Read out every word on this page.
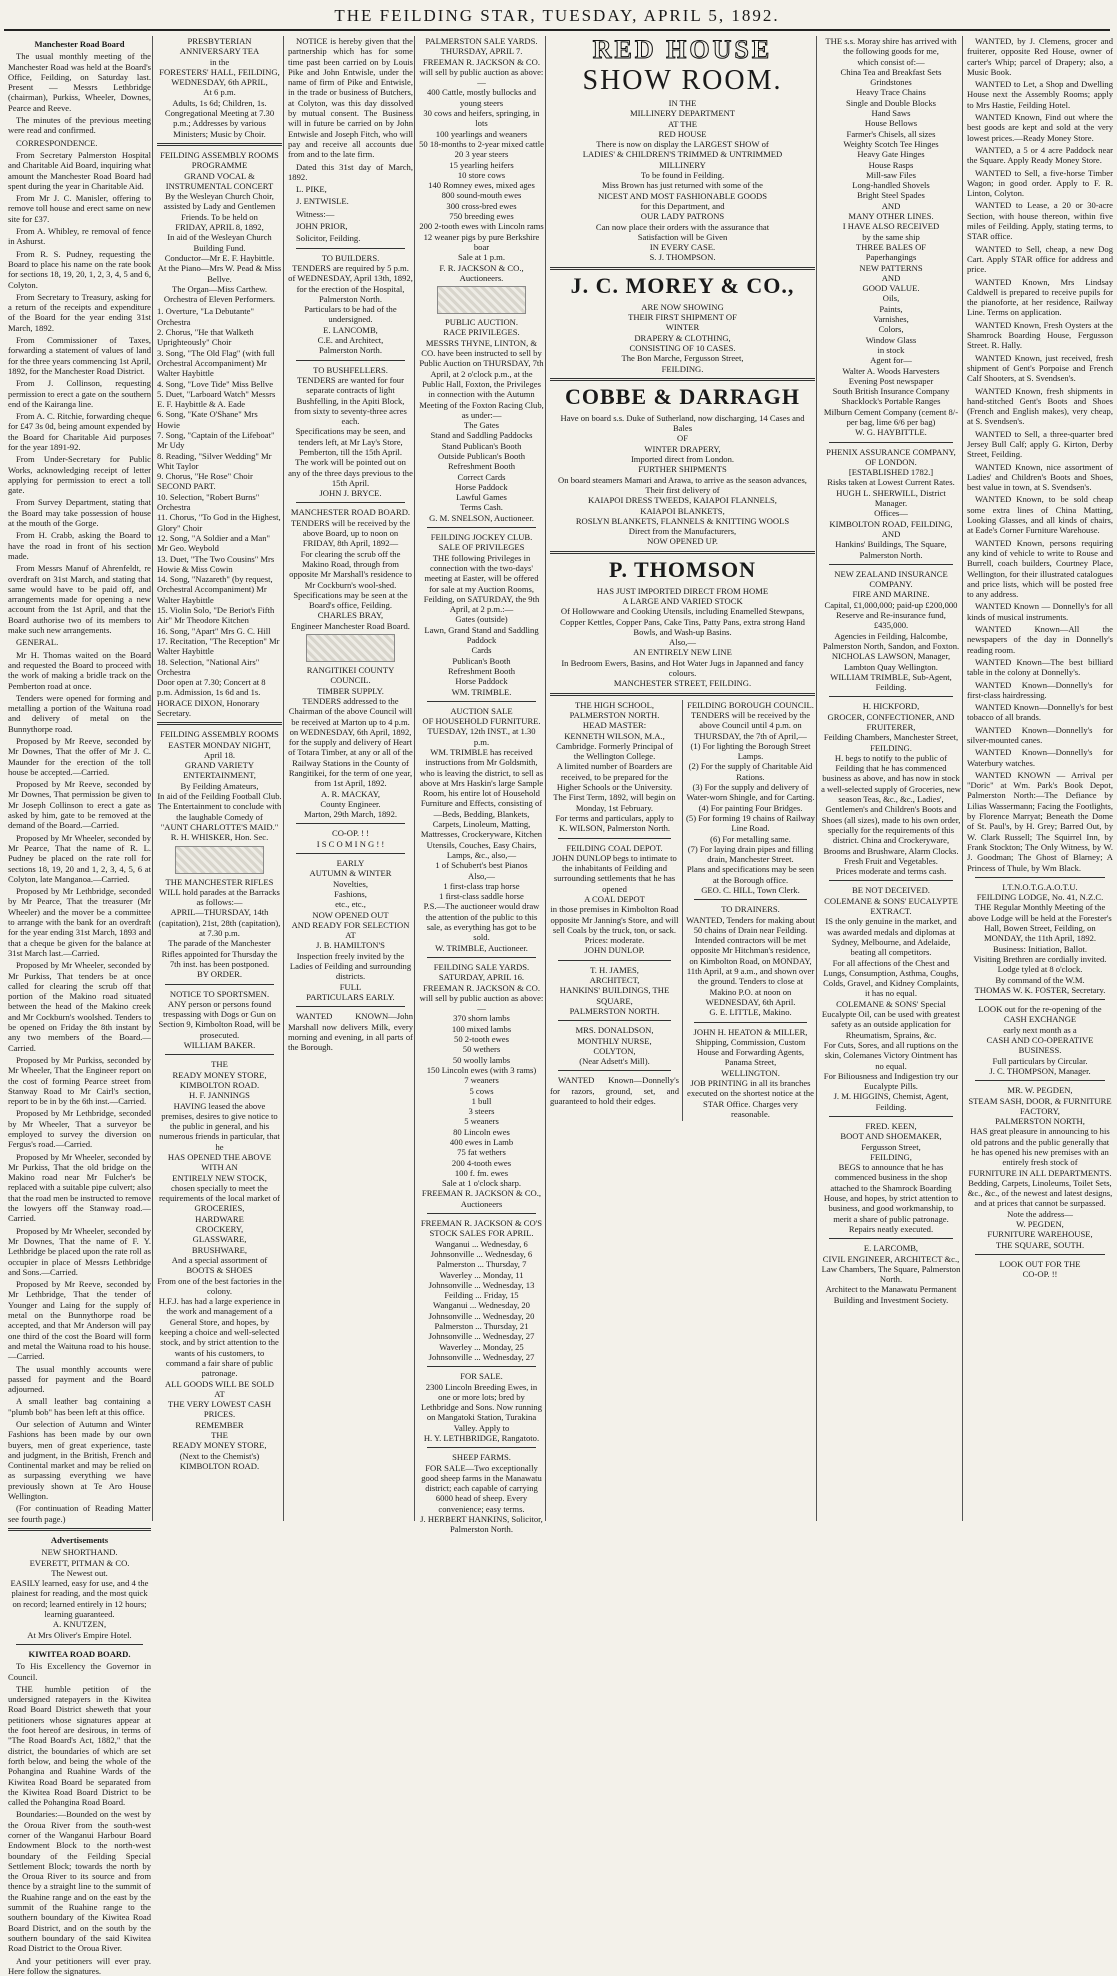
THE FEILDING STAR, TUESDAY, APRIL 5, 1892.
Manchester Road Board
The usual monthly meeting of the Manchester Road was held at the Board's Office, Feilding, on Saturday last. Present — Messrs Lethbridge (chairman), Purkiss, Wheeler, Downes, Pearce and Reeve.
The minutes of the previous meeting were read and confirmed.
CORRESPONDENCE.
From Secretary Palmerston Hospital and Charitable Aid Board, inquiring what amount the Manchester Road Board had spent during the year in Charitable Aid.
From Mr J. C. Manisler, offering to remove toll house and erect same on new site for £37.
From A. Whibley, re removal of fence in Ashurst.
From R. S. Pudney, requesting the Board to place his name on the rate book for sections 18, 19, 20, 1, 2, 3, 4, 5 and 6, Colyton.
From Secretary to Treasury, asking for a return of the receipts and expenditure of the Board for the year ending 31st March, 1892.
From Commissioner of Taxes, forwarding a statement of values of land for the three years commencing 1st April, 1892, for the Manchester Road District.
From J. Collinson, requesting permission to erect a gate on the southern end of the Kairanga line.
From A. C. Ritchie, forwarding cheque for £47 3s 0d, being amount expended by the Board for Charitable Aid purposes for the year 1891-92.
From Under-Secretary for Public Works, acknowledging receipt of letter applying for permission to erect a toll gate.
From Survey Department, stating that the Board may take possession of house at the mouth of the Gorge.
From H. Crabb, asking the Board to have the road in front of his section made.
From Messrs Manuf of Ahrenfeldt, re overdraft on 31st March, and stating that same would have to be paid off, and arrangements made for opening a new account from the 1st April, and that the Board authorise two of its members to make such new arrangements.
GENERAL.
Mr H. Thomas waited on the Board and requested the Board to proceed with the work of making a bridle track on the Pemberton road at once.
Tenders were opened for forming and metalling a portion of the Waituna road and delivery of metal on the Bunnythorpe road.
Proposed by Mr Reeve, seconded by Mr Downes, That the offer of Mr J. C. Maunder for the erection of the toll house be accepted.—Carried.
Proposed by Mr Reeve, seconded by Mr Downes, That permission be given to Mr Joseph Collinson to erect a gate as asked by him, gate to be removed at the demand of the Board.—Carried.
Proposed by Mr Wheeler, seconded by Mr Pearce, That the name of R. L. Pudney be placed on the rate roll for sections 18, 19, 20 and 1, 2, 3, 4, 5, 6 at Colyton, late Manganoa.—Carried.
Proposed by Mr Lethbridge, seconded by Mr Pearce, That the treasurer (Mr Wheeler) and the mover be a committee to arrange with the bank for an overdraft for the year ending 31st March, 1893 and that a cheque be given for the balance at 31st March last.—Carried.
Proposed by Mr Wheeler, seconded by Mr Purkiss, That tenders be at once called for clearing the scrub off that portion of the Makino road situated between the head of the Makino creek and Mr Cockburn's woolshed. Tenders to be opened on Friday the 8th instant by any two members of the Board.—Carried.
Proposed by Mr Purkiss, seconded by Mr Wheeler, That the Engineer report on the cost of forming Pearce street from Stanway Road to Mr Cairl's section, report to be in by the 6th inst.—Carried.
Proposed by Mr Lethbridge, seconded by Mr Wheeler, That a surveyor be employed to survey the diversion on Fergus's road.—Carried.
Proposed by Mr Wheeler, seconded by Mr Purkiss, That the old bridge on the Makino road near Mr Fulcher's be replaced with a suitable pipe culvert; also that the road men be instructed to remove the lowyers off the Stanway road.—Carried.
Proposed by Mr Wheeler, seconded by Mr Downes, That the name of F. Y. Lethbridge be placed upon the rate roll as occupier in place of Messrs Lethbridge and Sons.—Carried.
Proposed by Mr Reeve, seconded by Mr Lethbridge, That the tender of Younger and Laing for the supply of metal on the Bunnythorpe road be accepted, and that Mr Anderson will pay one third of the cost the Board will form and metal the Waituna road to his house.—Carried.
The usual monthly accounts were passed for payment and the Board adjourned.
A small leather bag containing a "plumb bob" has been left at this office.
Our selection of Autumn and Winter Fashions has been made by our own buyers, men of great experience, taste and judgment, in the British, French and Continental market and may be relied on as surpassing everything we have previously shown at Te Aro House Wellington.
(For continuation of Reading Matter see fourth page.)
Advertisements
NEW SHORTHAND.
EVERETT, PITMAN & CO.
The Newest out.
EASILY learned, easy for use, and 4 the plainest for reading, and the most quick on record; learned entirely in 12 hours; learning guaranteed.
A. KNUTZEN,
At Mrs Oliver's Empire Hotel.
KIWITEA ROAD BOARD.
To His Excellency the Governor in Council.
THE humble petition of the undersigned ratepayers in the Kiwitea Road Board District sheweth that your petitioners whose signatures appear at the foot hereof are desirous, in terms of "The Road Board's Act, 1882," that the district, the boundaries of which are set forth below, and being the whole of the Pohangina and Ruahine Wards of the Kiwitea Road Board be separated from the Kiwitea Road Board District to be called the Pohangina Road Board.
Boundaries:—Bounded on the west by the Oroua River from the south-west corner of the Wanganui Harbour Board Endowment Block to the north-west boundary of the Feilding Special Settlement Block; towards the north by the Oroua River to its source and from thence by a straight line to the summit of the Ruahine range and on the east by the summit of the Ruahine range to the southern boundary of the Kiwitea Road Board District, and on the south by the southern boundary of the said Kiwitea Road District to the Oroua River.
And your petitioners will ever pray. Here follow the signatures.
PRESBYTERIAN
ANNIVERSARY TEA
in the
FORESTERS' HALL, FEILDING,
WEDNESDAY, 6th APRIL,
At 6 p.m.
Adults, 1s 6d; Children, 1s.
Congregational Meeting at 7.30 p.m.; Addresses by various Ministers; Music by Choir.
FEILDING ASSEMBLY ROOMS
PROGRAMME
GRAND VOCAL & INSTRUMENTAL CONCERT
By the Wesleyan Church Choir, assisted by Lady and Gentlemen Friends. To be held on
FRIDAY, APRIL 8, 1892,
In aid of the Wesleyan Church Building Fund.
Conductor—Mr E. F. Haybittle.
At the Piano—Mrs W. Pead & Miss Bellve.
The Organ—Miss Carthew.
Orchestra of Eleven Performers.
1. Overture, "La Debutante" Orchestra
2. Chorus, "He that Walketh Uprighteously" Choir
3. Song, "The Old Flag" (with full Orchestral Accompaniment) Mr Walter Haybittle
4. Song, "Love Tide" Miss Bellve
5. Duet, "Larboard Watch" Messrs E. F. Haybittle & A. Eade
6. Song, "Kate O'Shane" Mrs Howie
7. Song, "Captain of the Lifeboat" Mr Udy
8. Reading, "Silver Wedding" Mr Whit Taylor
9. Chorus, "He Rose" Choir
SECOND PART.
10. Selection, "Robert Burns" Orchestra
11. Chorus, "To God in the Highest, Glory" Choir
12. Song, "A Soldier and a Man" Mr Geo. Weybold
13. Duet, "The Two Cousins" Mrs Howie & Miss Cowin
14. Song, "Nazareth" (by request, Orchestral Accompaniment) Mr Walter Haybittle
15. Violin Solo, "De Beriot's Fifth Air" Mr Theodore Kitchen
16. Song, "Apart" Mrs G. C. Hill
17. Recitation, "The Reception" Mr Walter Haybittle
18. Selection, "National Airs" Orchestra
Door open at 7.30; Concert at 8 p.m. Admission, 1s 6d and 1s.
HORACE DIXON, Honorary Secretary.
FEILDING ASSEMBLY ROOMS
EASTER MONDAY NIGHT,
April 18.
GRAND VARIETY ENTERTAINMENT,
By Feilding Amateurs,
In aid of the Feilding Football Club.
The Entertainment to conclude with the laughable Comedy of
"AUNT CHARLOTTE'S MAID."
R. H. WHISKER, Hon. Sec.
THE MANCHESTER RIFLES
WILL hold parades at the Barracks as follows:—
APRIL—THURSDAY, 14th (capitation), 21st, 28th (capitation), at 7.30 p.m.
The parade of the Manchester Rifles appointed for Thursday the 7th inst. has been postponed.
BY ORDER.
NOTICE TO SPORTSMEN.
ANY person or persons found trespassing with Dogs or Gun on Section 9, Kimbolton Road, will be prosecuted.
WILLIAM BAKER.
THE
READY MONEY STORE,
KIMBOLTON ROAD.
H. F. JANNINGS
HAVING leased the above premises, desires to give notice to the public in general, and his numerous friends in particular, that he
HAS OPENED THE ABOVE
WITH AN
ENTIRELY NEW STOCK,
chosen specially to meet the requirements of the local market of
GROCERIES,
HARDWARE
CROCKERY,
GLASSWARE,
BRUSHWARE,
And a special assortment of
BOOTS & SHOES
From one of the best factories in the colony.
H.F.J. has had a large experience in the work and management of a General Store, and hopes, by keeping a choice and well-selected stock, and by strict attention to the wants of his customers, to command a fair share of public patronage.
ALL GOODS WILL BE SOLD
AT
THE VERY LOWEST CASH
PRICES.
REMEMBER
THE
READY MONEY STORE,
(Next to the Chemist's)
KIMBOLTON ROAD.
NOTICE is hereby given that the partnership which has for some time past been carried on by Louis Pike and John Entwisle, under the name of firm of Pike and Entwisle, in the trade or business of Butchers, at Colyton, was this day dissolved by mutual consent. The Business will in future be carried on by John Entwisle and Joseph Fitch, who will pay and receive all accounts due from and to the late firm.
Dated this 31st day of March, 1892.
L. PIKE,
J. ENTWISLE.
Witness:—
JOHN PRIOR,
Solicitor, Feilding.
TO BUILDERS.
TENDERS are required by 5 p.m. of WEDNESDAY, April 13th, 1892, for the erection of the Hospital, Palmerston North.
Particulars to be had of the undersigned.
E. LANCOMB,
C.E. and Architect,
Palmerston North.
TO BUSHFELLERS.
TENDERS are wanted for four separate contracts of light Bushfelling, in the Apiti Block, from sixty to seventy-three acres each.
Specifications may be seen, and tenders left, at Mr Lay's Store, Pemberton, till the 15th April.
The work will be pointed out on any of the three days previous to the 15th April.
JOHN J. BRYCE.
MANCHESTER ROAD BOARD.
TENDERS will be received by the above Board, up to noon on FRIDAY, 8th April, 1892—
For clearing the scrub off the Makino Road, through from opposite Mr Marshall's residence to Mr Cockburn's wool-shed.
Specifications may be seen at the Board's office, Feilding.
CHARLES BRAY,
Engineer Manchester Road Board.
RANGITIKEI COUNTY COUNCIL.
TIMBER SUPPLY.
TENDERS addressed to the Chairman of the above Council will be received at Marton up to 4 p.m. on WEDNESDAY, 6th April, 1892, for the supply and delivery of Heart of Totara Timber, at any or all of the Railway Stations in the County of Rangitikei, for the term of one year, from 1st April, 1892.
A. R. MACKAY,
County Engineer.
Marton, 29th March, 1892.
CO-OP. ! !
I S C O M I N G ! !
EARLY
AUTUMN & WINTER
Novelties,
Fashions,
etc., etc.,
NOW OPENED OUT
AND READY FOR SELECTION
AT
J. B. HAMILTON'S
Inspection freely invited by the Ladies of Feilding and surrounding districts.
FULL
PARTICULARS EARLY.
WANTED KNOWN—John Marshall now delivers Milk, every morning and evening, in all parts of the Borough.
PALMERSTON SALE YARDS.
THURSDAY, APRIL 7.
FREEMAN R. JACKSON & CO. will sell by public auction as above:—
400 Cattle, mostly bullocks and young steers
30 cows and heifers, springing, in lots
100 yearlings and weaners
50 18-months to 2-year mixed cattle
20 3 year steers
15 yearling heifers
10 store cows
140 Romney ewes, mixed ages
800 sound-mouth ewes
300 cross-bred ewes
750 breeding ewes
200 2-tooth ewes with Lincoln rams
12 weaner pigs by pure Berkshire boar
Sale at 1 p.m.
F. R. JACKSON & CO., Auctioneers.
PUBLIC AUCTION.
RACE PRIVILEGES.
MESSRS THYNE, LINTON, & CO. have been instructed to sell by Public Auction on THURSDAY, 7th April, at 2 o'clock p.m., at the Public Hall, Foxton, the Privileges in connection with the Autumn Meeting of the Foxton Racing Club, as under:—
The Gates
Stand and Saddling Paddocks
Stand Publican's Booth
Outside Publican's Booth
Refreshment Booth
Correct Cards
Horse Paddock
Lawful Games
Terms Cash.
G. M. SNELSON, Auctioneer.
FEILDING JOCKEY CLUB.
SALE OF PRIVILEGES
THE following Privileges in connection with the two-days' meeting at Easter, will be offered for sale at my Auction Rooms, Feilding, on SATURDAY, the 9th April, at 2 p.m.:—
Gates (outside)
Lawn, Grand Stand and Saddling Paddock
Cards
Publican's Booth
Refreshment Booth
Horse Paddock
WM. TRIMBLE.
AUCTION SALE
OF HOUSEHOLD FURNITURE.
TUESDAY, 12th INST., at 1.30 p.m.
WM. TRIMBLE has received instructions from Mr Goldsmith, who is leaving the district, to sell as above at Mrs Haskin's large Sample Room, his entire lot of Household Furniture and Effects, consisting of—Beds, Bedding, Blankets, Carpets, Linoleum, Matting, Mattresses, Crockeryware, Kitchen Utensils, Couches, Easy Chairs, Lamps, &c., also,—
1 of Schubert's best Pianos
Also,—
1 first-class trap horse
1 first-class saddle horse
P.S.—The auctioneer would draw the attention of the public to this sale, as everything has got to be sold.
W. TRIMBLE, Auctioneer.
FEILDING SALE YARDS.
SATURDAY, APRIL 16.
FREEMAN R. JACKSON & CO. will sell by public auction as above:—
370 shorn lambs
100 mixed lambs
50 2-tooth ewes
50 wethers
50 woolly lambs
150 Lincoln ewes (with 3 rams)
7 weaners
5 cows
1 bull
3 steers
5 weaners
80 Lincoln ewes
400 ewes in Lamb
75 fat wethers
200 4-tooth ewes
100 f. fm. ewes
Sale at 1 o'clock sharp.
FREEMAN R. JACKSON & CO., Auctioneers
FREEMAN R. JACKSON & CO'S STOCK SALES FOR APRIL.
Wanganui ... Wednesday, 6
Johnsonville ... Wednesday, 6
Palmerston ... Thursday, 7
Waverley ... Monday, 11
Johnsonville ... Wednesday, 13
Feilding ... Friday, 15
Wanganui ... Wednesday, 20
Johnsonville ... Wednesday, 20
Palmerston ... Thursday, 21
Johnsonville ... Wednesday, 27
Waverley ... Monday, 25
Johnsonville ... Wednesday, 27
FOR SALE.
2300 Lincoln Breeding Ewes, in one or more lots; bred by Lethbridge and Sons. Now running on Mangatoki Station, Turakina Valley. Apply to
H. Y. LETHBRIDGE, Rangatoto.
SHEEP FARMS.
FOR SALE—Two exceptionally good sheep farms in the Manawatu district; each capable of carrying 6000 head of sheep. Every convenience; easy terms.
J. HERBERT HANKINS, Solicitor, Palmerston North.
RED HOUSE
SHOW ROOM.
IN THE
MILLINERY DEPARTMENT
AT THE
RED HOUSE
There is now on display the LARGEST SHOW of
LADIES' & CHILDREN'S TRIMMED & UNTRIMMED
MILLINERY
To be found in Feilding.
Miss Brown has just returned with some of the
NICEST AND MOST FASHIONABLE GOODS
for this Department, and
OUR LADY PATRONS
Can now place their orders with the assurance that
Satisfaction will be Given
IN EVERY CASE.
S. J. THOMPSON.
J. C. MOREY & CO.,
ARE NOW SHOWING
THEIR FIRST SHIPMENT OF
WINTER
DRAPERY & CLOTHING,
CONSISTING OF 10 CASES.
The Bon Marche, Fergusson Street,
FEILDING.
COBBE & DARRAGH
Have on board s.s. Duke of Sutherland, now discharging, 14 Cases and Bales
OF
WINTER DRAPERY,
Imported direct from London.
FURTHER SHIPMENTS
On board steamers Mamari and Arawa, to arrive as the season advances,
Their first delivery of
KAIAPOI DRESS TWEEDS, KAIAPOI FLANNELS,
KAIAPOI BLANKETS,
ROSLYN BLANKETS, FLANNELS & KNITTING WOOLS
Direct from the Manufacturers,
NOW OPENED UP.
P. THOMSON
HAS JUST IMPORTED DIRECT FROM HOME
A LARGE AND VARIED STOCK
Of Hollowware and Cooking Utensils, including Enamelled Stewpans, Copper Kettles, Copper Pans, Cake Tins, Patty Pans, extra strong Hand Bowls, and Wash-up Basins.
Also,—
AN ENTIRELY NEW LINE
In Bedroom Ewers, Basins, and Hot Water Jugs in Japanned and fancy colours.
MANCHESTER STREET, FEILDING.
THE HIGH SCHOOL,
PALMERSTON NORTH.
HEAD MASTER:
KENNETH WILSON, M.A., Cambridge. Formerly Principal of the Wellington College.
A limited number of Boarders are received, to be prepared for the Higher Schools or the University.
The First Term, 1892, will begin on Monday, 1st February.
For terms and particulars, apply to
K. WILSON, Palmerston North.
FEILDING COAL DEPOT.
JOHN DUNLOP begs to intimate to the inhabitants of Feilding and surrounding settlements that he has opened
A COAL DEPOT
in those premises in Kimbolton Road opposite Mr Janning's Store, and will sell Coals by the truck, ton, or sack.
Prices: moderate.
JOHN DUNLOP.
T. H. JAMES,
ARCHITECT,
HANKINS' BUILDINGS, THE SQUARE,
PALMERSTON NORTH.
MRS. DONALDSON,
MONTHLY NURSE,
COLYTON,
(Near Adsett's Mill).
WANTED Known—Donnelly's for razors, ground, set, and guaranteed to hold their edges.
FEILDING BOROUGH COUNCIL.
TENDERS will be received by the above Council until 4 p.m. on THURSDAY, the 7th of April,—
(1) For lighting the Borough Street Lamps.
(2) For the supply of Charitable Aid Rations.
(3) For the supply and delivery of Water-worn Shingle, and for Carting.
(4) For painting Four Bridges.
(5) For forming 19 chains of Railway Line Road.
(6) For metalling same.
(7) For laying drain pipes and filling drain, Manchester Street.
Plans and specifications may be seen at the Borough office.
GEO. C. HILL, Town Clerk.
TO DRAINERS.
WANTED, Tenders for making about 50 chains of Drain near Feilding. Intended contractors will be met opposite Mr Hitchman's residence, on Kimbolton Road, on MONDAY, 11th April, at 9 a.m., and shown over the ground. Tenders to close at Makino P.O. at noon on WEDNESDAY, 6th April.
G. E. LITTLE, Makino.
JOHN H. HEATON & MILLER,
Shipping, Commission, Custom House and Forwarding Agents, Panama Street,
WELLINGTON.
JOB PRINTING in all its branches executed on the shortest notice at the STAR Office. Charges very reasonable.
THE s.s. Moray shire has arrived with the following goods for me,
which consist of:—
China Tea and Breakfast Sets
Grindstones
Heavy Trace Chains
Single and Double Blocks
Hand Saws
House Bellows
Farmer's Chisels, all sizes
Weighty Scotch Tee Hinges
Heavy Gate Hinges
House Rasps
Mill-saw Files
Long-handled Shovels
Bright Steel Spades
AND
MANY OTHER LINES.
I HAVE ALSO RECEIVED
by the same ship
THREE BALES OF
Paperhangings
NEW PATTERNS
AND
GOOD VALUE.
Oils,
Paints,
Varnishes,
Colors,
Window Glass
in stock
Agent for—
Walter A. Woods Harvesters
Evening Post newspaper
South British Insurance Company
Shacklock's Portable Ranges
Milburn Cement Company (cement 8/- per bag, lime 6/6 per bag)
W. G. HAYBITTLE.
PHENIX ASSURANCE COMPANY, OF LONDON.
[ESTABLISHED 1782.]
Risks taken at Lowest Current Rates.
HUGH L. SHERWILL, District Manager.
Offices—
KIMBOLTON ROAD, FEILDING, AND
Hankins' Buildings, The Square, Palmerston North.
NEW ZEALAND INSURANCE COMPANY.
FIRE AND MARINE.
Capital, £1,000,000; paid-up £200,000
Reserve and Re-insurance fund, £435,000.
Agencies in Feilding, Halcombe, Palmerston North, Sandon, and Foxton.
NICHOLAS LAWSON, Manager,
Lambton Quay Wellington.
WILLIAM TRIMBLE, Sub-Agent, Feilding.
H. HICKFORD,
GROCER, CONFECTIONER, AND FRUITERER,
Feilding Chambers, Manchester Street, FEILDING.
H. begs to notify to the public of Feilding that he has commenced business as above, and has now in stock a well-selected supply of Groceries, new season Teas, &c., &c., Ladies', Gentlemen's and Children's Boots and Shoes (all sizes), made to his own order, specially for the requirements of this district. China and Crockeryware, Brooms and Brushware, Alarm Clocks.
Fresh Fruit and Vegetables.
Prices moderate and terms cash.
BE NOT DECEIVED.
COLEMANE & SONS' EUCALYPTE EXTRACT.
IS the only genuine in the market, and was awarded medals and diplomas at Sydney, Melbourne, and Adelaide, beating all competitors.
For all affections of the Chest and Lungs, Consumption, Asthma, Coughs, Colds, Gravel, and Kidney Complaints, it has no equal.
COLEMANE & SONS' Special Eucalypte Oil, can be used with greatest safety as an outside application for Rheumatism, Sprains, &c.
For Cuts, Sores, and all ruptions on the skin, Colemanes Victory Ointment has no equal.
For Biliousness and Indigestion try our Eucalypte Pills.
J. M. HIGGINS, Chemist, Agent, Feilding.
FRED. KEEN,
BOOT AND SHOEMAKER,
Fergusson Street,
FEILDING,
BEGS to announce that he has commenced business in the shop attached to the Shamrock Boarding House, and hopes, by strict attention to business, and good workmanship, to merit a share of public patronage.
Repairs neatly executed.
E. LARCOMB,
CIVIL ENGINEER, ARCHITECT &c.,
Law Chambers, The Square, Palmerston North.
Architect to the Manawatu Permanent Building and Investment Society.
WANTED, by J. Clemens, grocer and fruiterer, opposite Red House, owner of carter's Whip; parcel of Drapery; also, a Music Book.
WANTED to Let, a Shop and Dwelling House next the Assembly Rooms; apply to Mrs Hastie, Feilding Hotel.
WANTED Known, Find out where the best goods are kept and sold at the very lowest prices.—Ready Money Store.
WANTED, a 5 or 4 acre Paddock near the Square. Apply Ready Money Store.
WANTED to Sell, a five-horse Timber Wagon; in good order. Apply to F. R. Linton, Colyton.
WANTED to Lease, a 20 or 30-acre Section, with house thereon, within five miles of Feilding. Apply, stating terms, to STAR office.
WANTED to Sell, cheap, a new Dog Cart. Apply STAR office for address and price.
WANTED Known, Mrs Lindsay Caldwell is prepared to receive pupils for the pianoforte, at her residence, Railway Line. Terms on application.
WANTED Known, Fresh Oysters at the Shamrock Boarding House, Fergusson Street. R. Hally.
WANTED Known, just received, fresh shipment of Gent's Porpoise and French Calf Shooters, at S. Svendsen's.
WANTED Known, fresh shipments in hand-stitched Gent's Boots and Shoes (French and English makes), very cheap, at S. Svendsen's.
WANTED to Sell, a three-quarter bred Jersey Bull Calf; apply G. Kirton, Derby Street, Feilding.
WANTED Known, nice assortment of Ladies' and Children's Boots and Shoes, best value in town, at S. Svendsen's.
WANTED Known, to be sold cheap some extra lines of China Matting, Looking Glasses, and all kinds of chairs, at Eade's Corner Furniture Warehouse.
WANTED Known, persons requiring any kind of vehicle to write to Rouse and Burrell, coach builders, Courtney Place, Wellington, for their illustrated catalogues and price lists, which will be posted free to any address.
WANTED Known — Donnelly's for all kinds of musical instruments.
WANTED Known—All the newspapers of the day in Donnelly's reading room.
WANTED Known—The best billiard table in the colony at Donnelly's.
WANTED Known—Donnelly's for first-class hairdressing.
WANTED Known—Donnelly's for best tobacco of all brands.
WANTED Known—Donnelly's for silver-mounted canes.
WANTED Known—Donnelly's for Waterbury watches.
WANTED KNOWN — Arrival per "Doric" at Wm. Park's Book Depot, Palmerston North:—The Defiance by Lilias Wassermann; Facing the Footlights, by Florence Marryat; Beneath the Dome of St. Paul's, by H. Grey; Barred Out, by W. Clark Russell; The Squirrel Inn, by Frank Stockton; The Only Witness, by W. J. Goodman; The Ghost of Blarney; A Princess of Thule, by Wm Black.
I.T.N.O.T.G.A.O.T.U.
FEILDING LODGE, No. 41, N.Z.C.
THE Regular Monthly Meeting of the above Lodge will be held at the Forester's Hall, Bowen Street, Feilding, on MONDAY, the 11th April, 1892.
Business: Initiation, Ballot.
Visiting Brethren are cordially invited. Lodge tyled at 8 o'clock.
By command of the W.M.
THOMAS W. K. FOSTER, Secretary.
LOOK out for the re-opening of the
CASH EXCHANGE
early next month as a
CASH AND CO-OPERATIVE BUSINESS.
Full particulars by Circular.
J. C. THOMPSON, Manager.
MR. W. PEGDEN,
STEAM SASH, DOOR, & FURNITURE FACTORY,
PALMERSTON NORTH,
HAS great pleasure in announcing to his old patrons and the public generally that he has opened his new premises with an entirely fresh stock of
FURNITURE IN ALL DEPARTMENTS.
Bedding, Carpets, Linoleums, Toilet Sets, &c., &c., of the newest and latest designs, and at prices that cannot be surpassed.
Note the address—
W. PEGDEN,
FURNITURE WAREHOUSE,
THE SQUARE, SOUTH.
LOOK OUT FOR THE
CO-OP. !!
